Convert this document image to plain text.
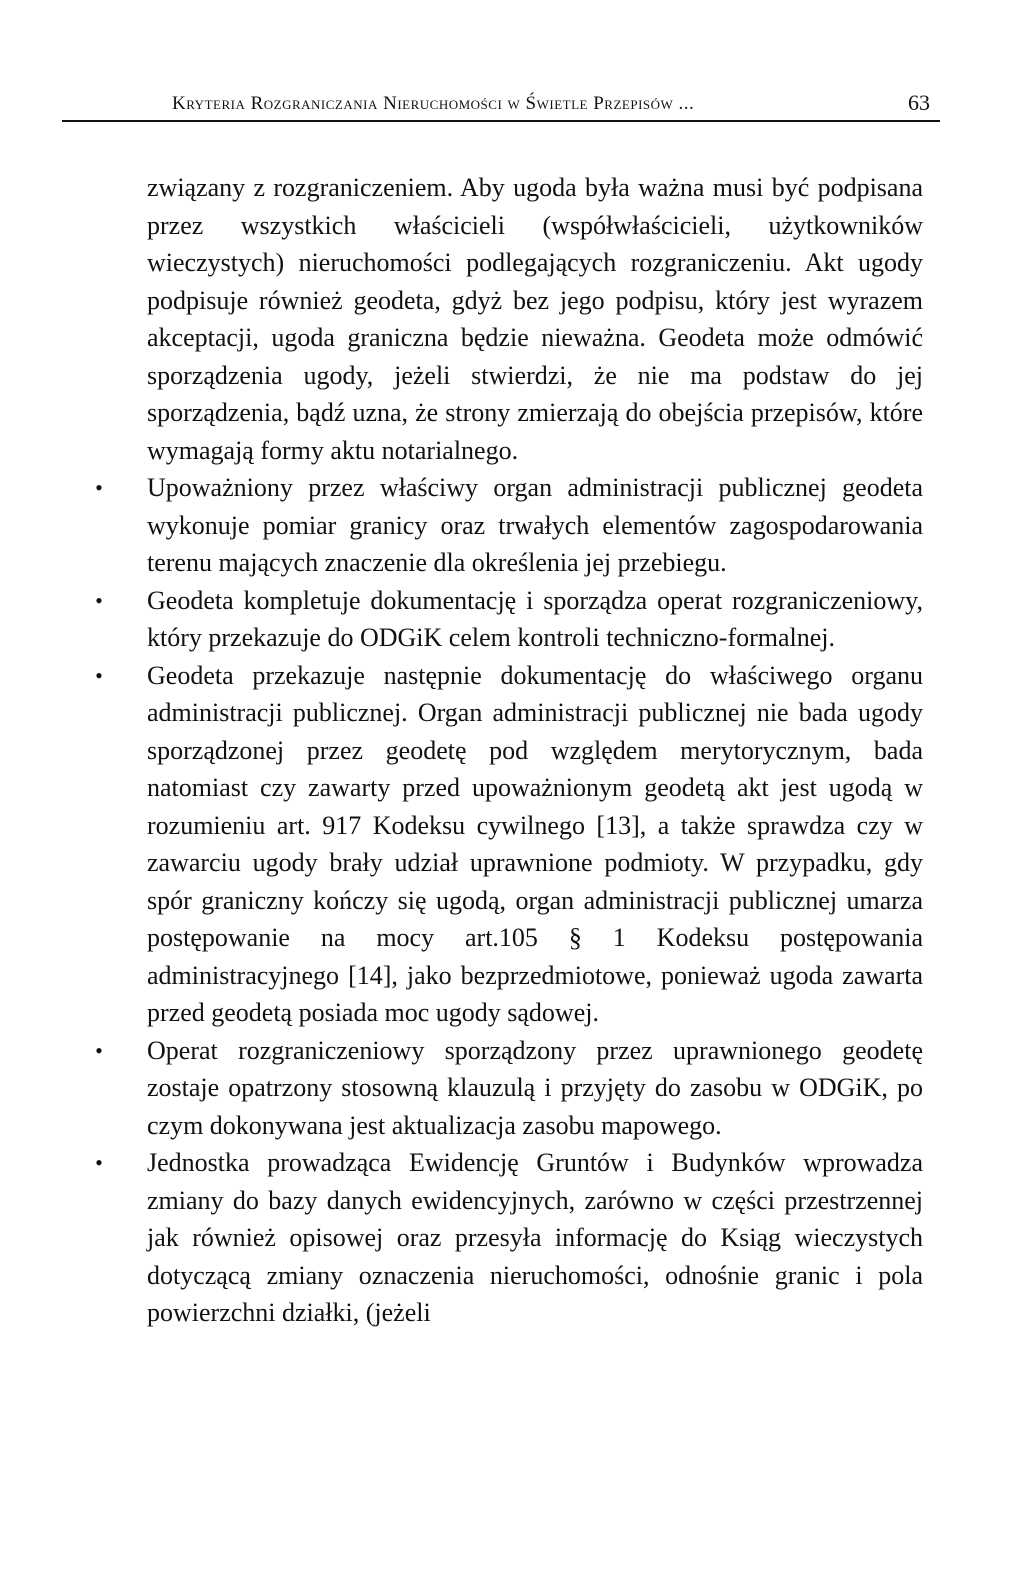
Kryteria Rozgraniczania Nieruchomości w Świetle Przepisów ...	63

związany z rozgraniczeniem. Aby ugoda była ważna musi być podpisana przez wszystkich właścicieli (współwłaścicieli, użytkowników wieczystych) nieruchomości podlegających rozgraniczeniu. Akt ugody podpisuje również geodeta, gdyż bez jego podpisu, który jest wyrazem akceptacji, ugoda graniczna będzie nieważna. Geodeta może odmówić sporządzenia ugody, jeżeli stwierdzi, że nie ma podstaw do jej sporządzenia, bądź uzna, że strony zmierzają do obejścia przepisów, które wymagają formy aktu notarialnego.

• Upoważniony przez właściwy organ administracji publicznej geodeta wykonuje pomiar granicy oraz trwałych elementów zagospodarowania terenu mających znaczenie dla określenia jej przebiegu.
• Geodeta kompletuje dokumentację i sporządza operat rozgraniczeniowy, który przekazuje do ODGiK celem kontroli techniczno-formalnej.
• Geodeta przekazuje następnie dokumentację do właściwego organu administracji publicznej. Organ administracji publicznej nie bada ugody sporządzonej przez geodetę pod względem merytorycznym, bada natomiast czy zawarty przed upoważnionym geodetą akt jest ugodą w rozumieniu art. 917 Kodeksu cywilnego [13], a także sprawdza czy w zawarciu ugody brały udział uprawnione podmioty. W przypadku, gdy spór graniczny kończy się ugodą, organ administracji publicznej umarza postępowanie na mocy art.105 § 1 Kodeksu postępowania administracyjnego [14], jako bezprzedmiotowe, ponieważ ugoda zawarta przed geodetą posiada moc ugody sądowej.
• Operat rozgraniczeniowy sporządzony przez uprawnionego geodetę zostaje opatrzony stosowną klauzulą i przyjęty do zasobu w ODGiK, po czym dokonywana jest aktualizacja zasobu mapowego.
• Jednostka prowadząca Ewidencję Gruntów i Budynków wprowadza zmiany do bazy danych ewidencyjnych, zarówno w części przestrzennej jak również opisowej oraz przesyła informację do Ksiąg wieczystych dotyczącą zmiany oznaczenia nieruchomości, odnośnie granic i pola powierzchni działki, (jeżeli
